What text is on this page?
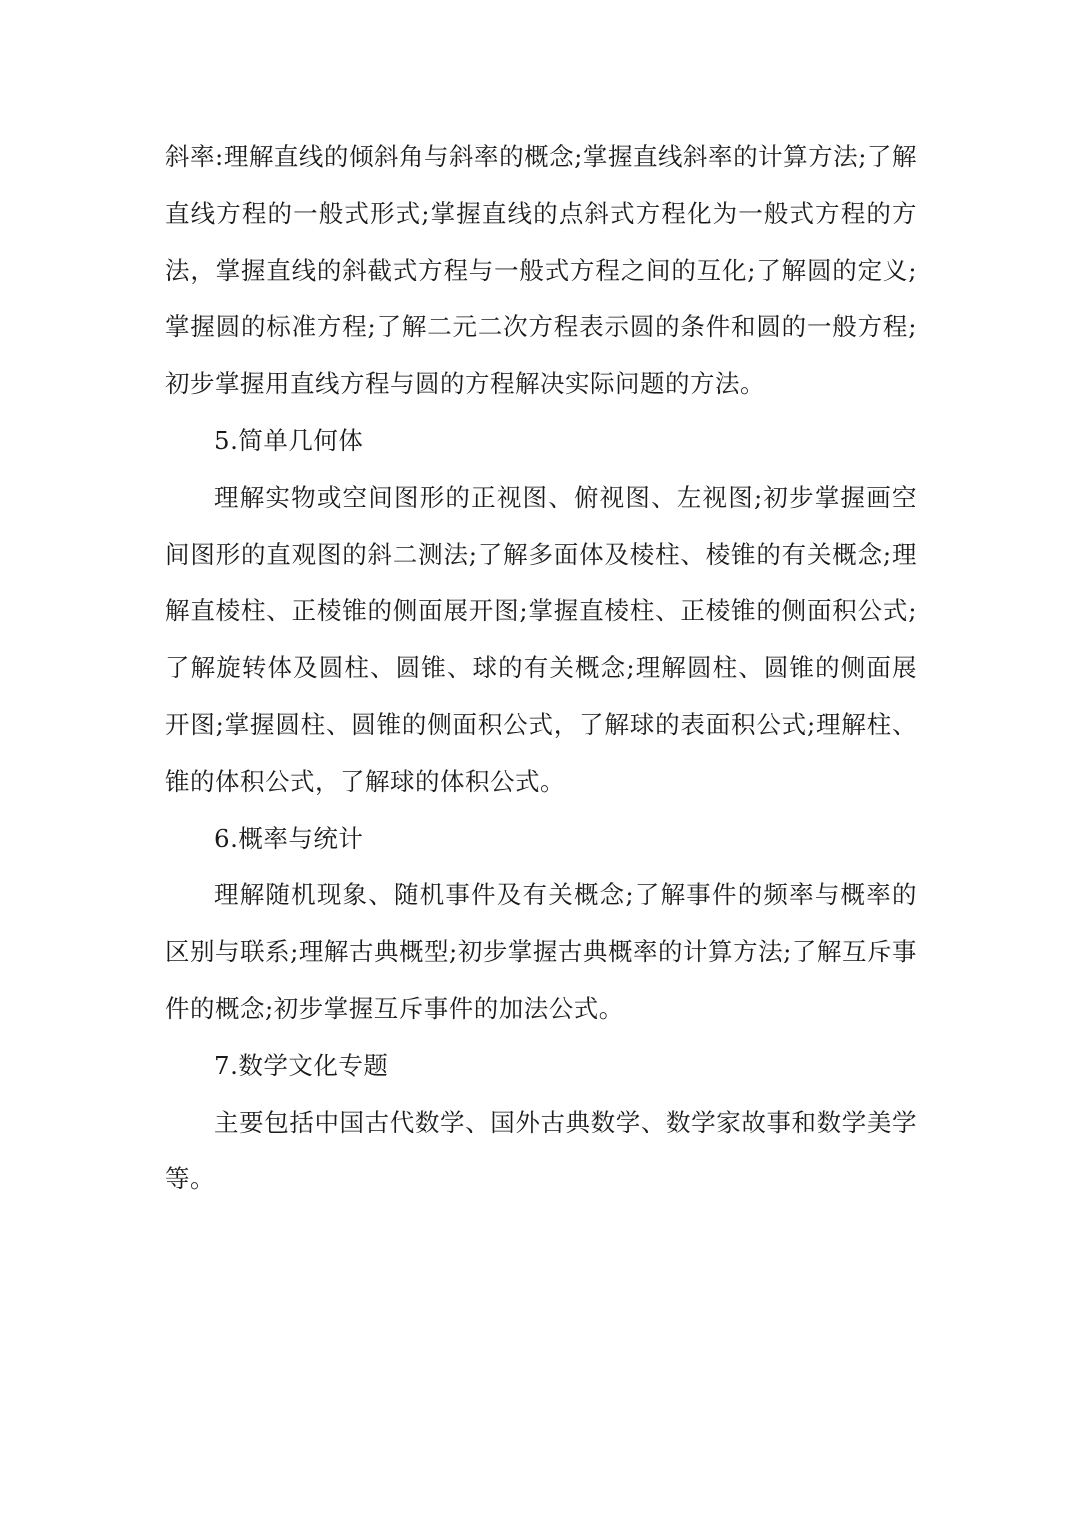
斜率:理解直线的倾斜角与斜率的概念;掌握直线斜率的计算方法;了解直线方程的一般式形式;掌握直线的点斜式方程化为一般式方程的方法，掌握直线的斜截式方程与一般式方程之间的互化;了解圆的定义;掌握圆的标准方程;了解二元二次方程表示圆的条件和圆的一般方程;初步掌握用直线方程与圆的方程解决实际问题的方法。

5.简单几何体

理解实物或空间图形的正视图、俯视图、左视图;初步掌握画空间图形的直观图的斜二测法;了解多面体及棱柱、棱锥的有关概念;理解直棱柱、正棱锥的侧面展开图;掌握直棱柱、正棱锥的侧面积公式;了解旋转体及圆柱、圆锥、球的有关概念;理解圆柱、圆锥的侧面展开图;掌握圆柱、圆锥的侧面积公式，了解球的表面积公式;理解柱、锥的体积公式，了解球的体积公式。

6.概率与统计

理解随机现象、随机事件及有关概念;了解事件的频率与概率的区别与联系;理解古典概型;初步掌握古典概率的计算方法;了解互斥事件的概念;初步掌握互斥事件的加法公式。

7.数学文化专题

主要包括中国古代数学、国外古典数学、数学家故事和数学美学等。
